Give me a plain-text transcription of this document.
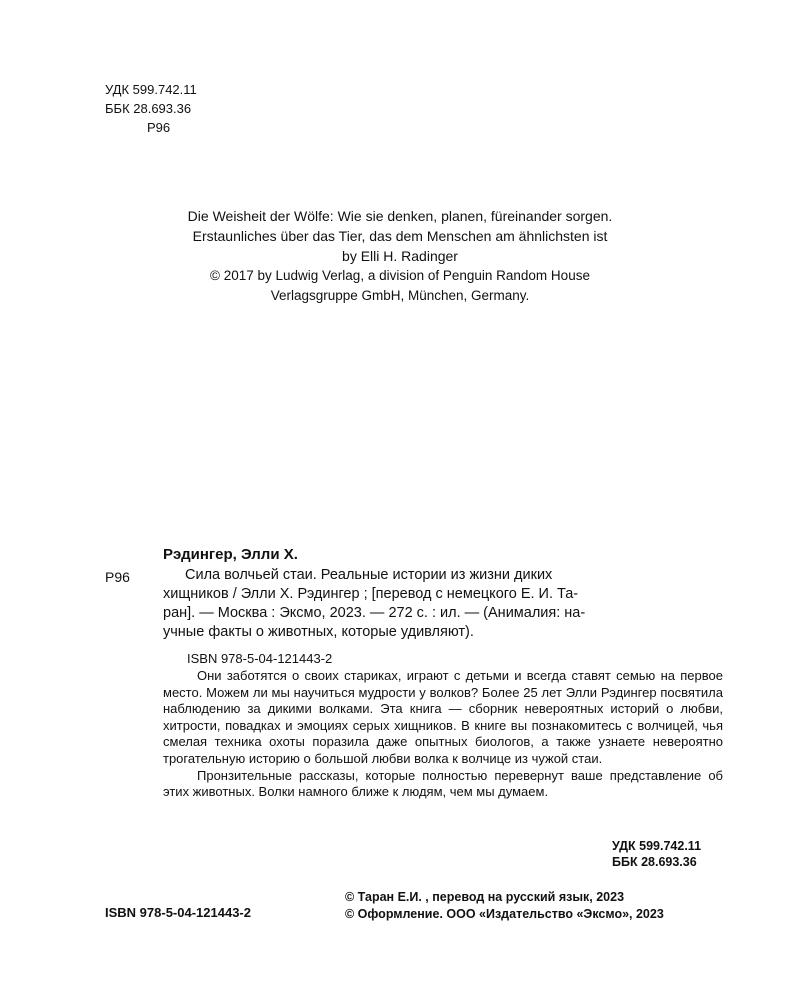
УДК 599.742.11
ББК 28.693.36
Р96
Die Weisheit der Wölfe: Wie sie denken, planen, füreinander sorgen.
Erstaunliches über das Tier, das dem Menschen am ähnlichsten ist
by Elli H. Radinger
© 2017 by Ludwig Verlag, a division of Penguin Random House
Verlagsgruppe GmbH, München, Germany.
Рэдингер, Элли Х.
Р96	Сила волчьей стаи. Реальные истории из жизни диких
хищников / Элли Х. Рэдингер ; [перевод с немецкого Е. И. Та-
ран]. — Москва : Эксмо, 2023. — 272 с. : ил. — (Анималия: на-
учные факты о животных, которые удивляют).
ISBN 978-5-04-121443-2

Они заботятся о своих стариках, играют с детьми и всегда ставят семью на первое место. Можем ли мы научиться мудрости у волков? Более 25 лет Элли Рэдингер посвятила наблюдению за дикими волками. Эта книга — сборник невероятных историй о любви, хитрости, повадках и эмоциях серых хищников. В книге вы познакомитесь с волчицей, чья смелая техника охоты поразила даже опытных биологов, а также узнаете невероятно трогательную историю о большой любви волка к волчице из чужой стаи.

Пронзительные рассказы, которые полностью перевернут ваше представление об этих животных. Волки намного ближе к людям, чем мы думаем.

УДК 599.742.11
ББК 28.693.36
ISBN 978-5-04-121443-2
© Таран Е.И. , перевод на русский язык, 2023
© Оформление. ООО «Издательство «Эксмо», 2023
